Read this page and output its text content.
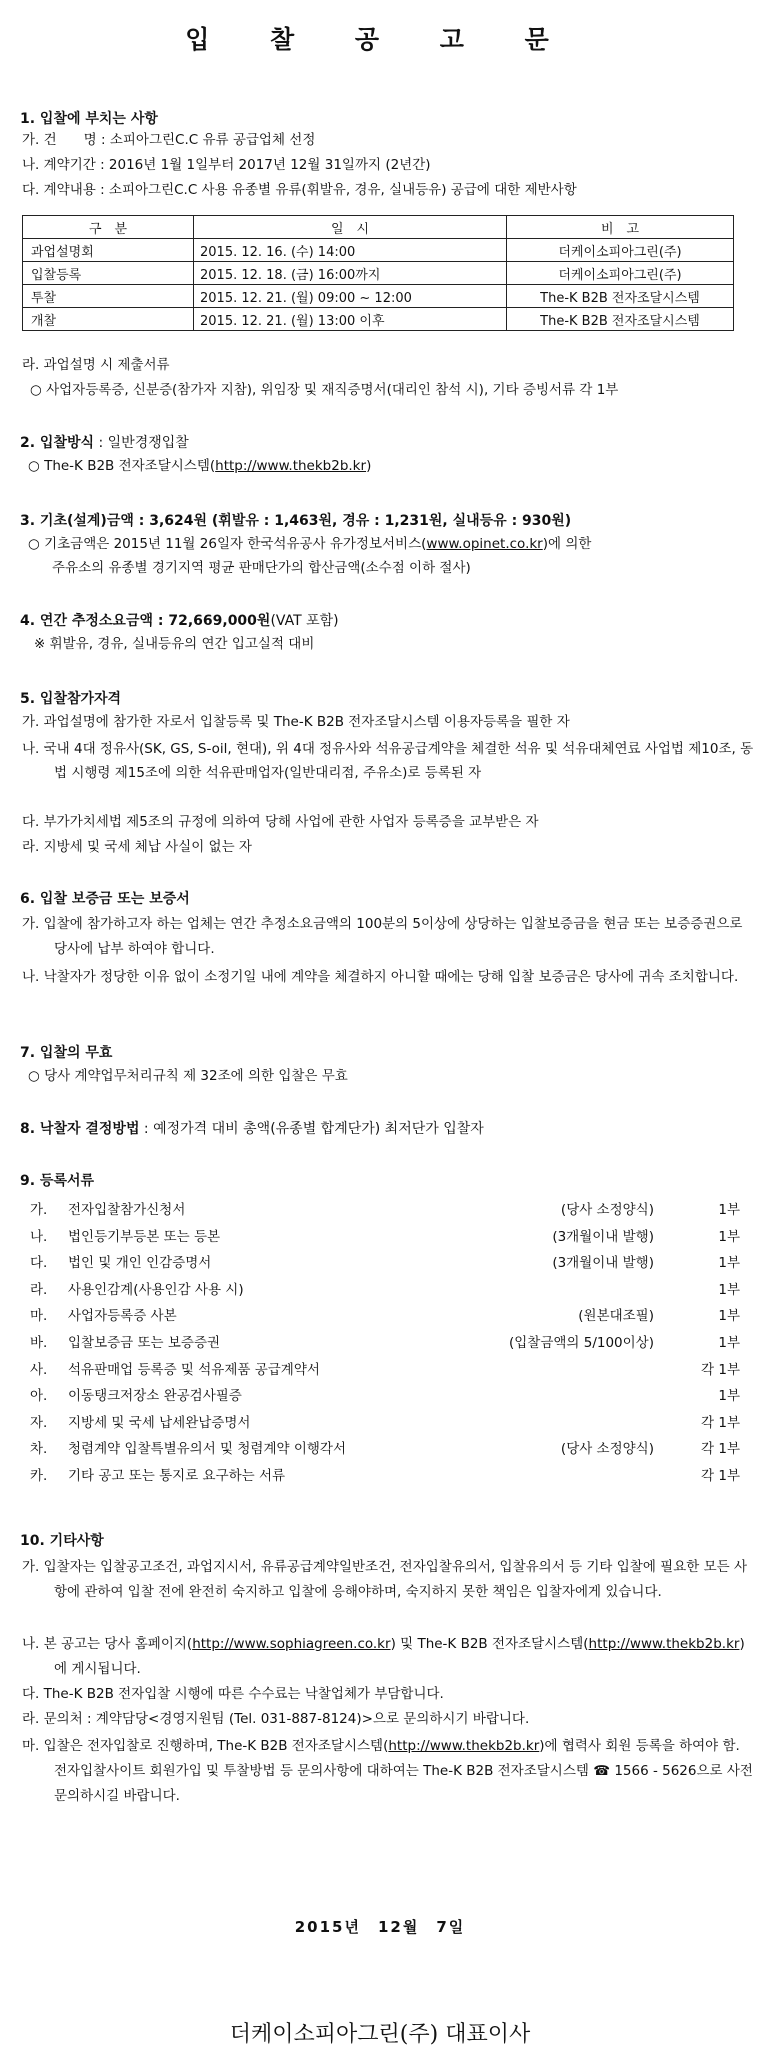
입 찰 공 고 문
1. 입찰에 부치는 사항
가. 건　　명 : 소피아그린C.C 유류 공급업체 선정
나. 계약기간 : 2016년 1월 1일부터 2017년 12월 31일까지 (2년간)
다. 계약내용 : 소피아그린C.C 사용 유종별 유류(휘발유, 경유, 실내등유) 공급에 대한 제반사항
구　분	일　시	비　고
과업설명회	2015. 12. 16. (수) 14:00	더케이소피아그린(주)
입찰등록	2015. 12. 18. (금) 16:00까지	더케이소피아그린(주)
투찰	2015. 12. 21. (월) 09:00 ~ 12:00	The-K B2B 전자조달시스템
개찰	2015. 12. 21. (월) 13:00 이후	The-K B2B 전자조달시스템
라. 과업설명 시 제출서류
○ 사업자등록증, 신분증(참가자 지참), 위임장 및 재직증명서(대리인 참석 시), 기타 증빙서류 각 1부
2. 입찰방식 : 일반경쟁입찰
○ The-K B2B 전자조달시스템(http://www.thekb2b.kr)
3. 기초(설계)금액 : 3,624원 (휘발유 : 1,463원, 경유 : 1,231원, 실내등유 : 930원)
○ 기초금액은 2015년 11월 26일자 한국석유공사 유가정보서비스(www.opinet.co.kr)에 의한
주유소의 유종별 경기지역 평균 판매단가의 합산금액(소수점 이하 절사)
4. 연간 추정소요금액 : 72,669,000원(VAT 포함)
※ 휘발유, 경유, 실내등유의 연간 입고실적 대비
5. 입찰참가자격
가. 과업설명에 참가한 자로서 입찰등록 및 The-K B2B 전자조달시스템 이용자등록을 필한 자
나. 국내 4대 정유사(SK, GS, S-oil, 현대), 위 4대 정유사와 석유공급계약을 체결한 석유 및 석유대체연료 사업법 제10조, 동법 시행령 제15조에 의한 석유판매업자(일반대리점, 주유소)로 등록된 자
다. 부가가치세법 제5조의 규정에 의하여 당해 사업에 관한 사업자 등록증을 교부받은 자
라. 지방세 및 국세 체납 사실이 없는 자
6. 입찰 보증금 또는 보증서
가. 입찰에 참가하고자 하는 업체는 연간 추정소요금액의 100분의 5이상에 상당하는 입찰보증금을 현금 또는 보증증권으로 당사에 납부 하여야 합니다.
나. 낙찰자가 정당한 이유 없이 소정기일 내에 계약을 체결하지 아니할 때에는 당해 입찰 보증금은 당사에 귀속 조치합니다.
7. 입찰의 무효
○ 당사 계약업무처리규칙 제 32조에 의한 입찰은 무효
8. 낙찰자 결정방법 : 예정가격 대비 총액(유종별 합계단가) 최저단가 입찰자
9. 등록서류
가. 전자입찰참가신청서	(당사 소정양식)	1부
나. 법인등기부등본 또는 등본	(3개월이내 발행)	1부
다. 법인 및 개인 인감증명서	(3개월이내 발행)	1부
라. 사용인감계(사용인감 사용 시)	1부
마. 사업자등록증 사본	(원본대조필)	1부
바. 입찰보증금 또는 보증증권	(입찰금액의 5/100이상)	1부
사. 석유판매업 등록증 및 석유제품 공급계약서	각 1부
아. 이동탱크저장소 완공검사필증	1부
자. 지방세 및 국세 납세완납증명서	각 1부
차. 청렴계약 입찰특별유의서 및 청렴계약 이행각서	(당사 소정양식)	각 1부
카. 기타 공고 또는 통지로 요구하는 서류	각 1부
10. 기타사항
가. 입찰자는 입찰공고조건, 과업지시서, 유류공급계약일반조건, 전자입찰유의서, 입찰유의서 등 기타 입찰에 필요한 모든 사항에 관하여 입찰 전에 완전히 숙지하고 입찰에 응해야하며, 숙지하지 못한 책임은 입찰자에게 있습니다.
나. 본 공고는 당사 홈페이지(http://www.sophiagreen.co.kr) 및 The-K B2B 전자조달시스템(http://www.thekb2b.kr)에 게시됩니다.
다. The-K B2B 전자입찰 시행에 따른 수수료는 낙찰업체가 부담합니다.
라. 문의처 : 계약담당<경영지원팀 (Tel. 031-887-8124)>으로 문의하시기 바랍니다.
마. 입찰은 전자입찰로 진행하며, The-K B2B 전자조달시스템(http://www.thekb2b.kr)에 협력사 회원 등록을 하여야 함. 전자입찰사이트 회원가입 및 투찰방법 등 문의사항에 대하여는 The-K B2B 전자조달시스템 ☎ 1566 - 5626으로 사전 문의하시길 바랍니다.
2015년　12월　7일
더케이소피아그린(주) 대표이사
